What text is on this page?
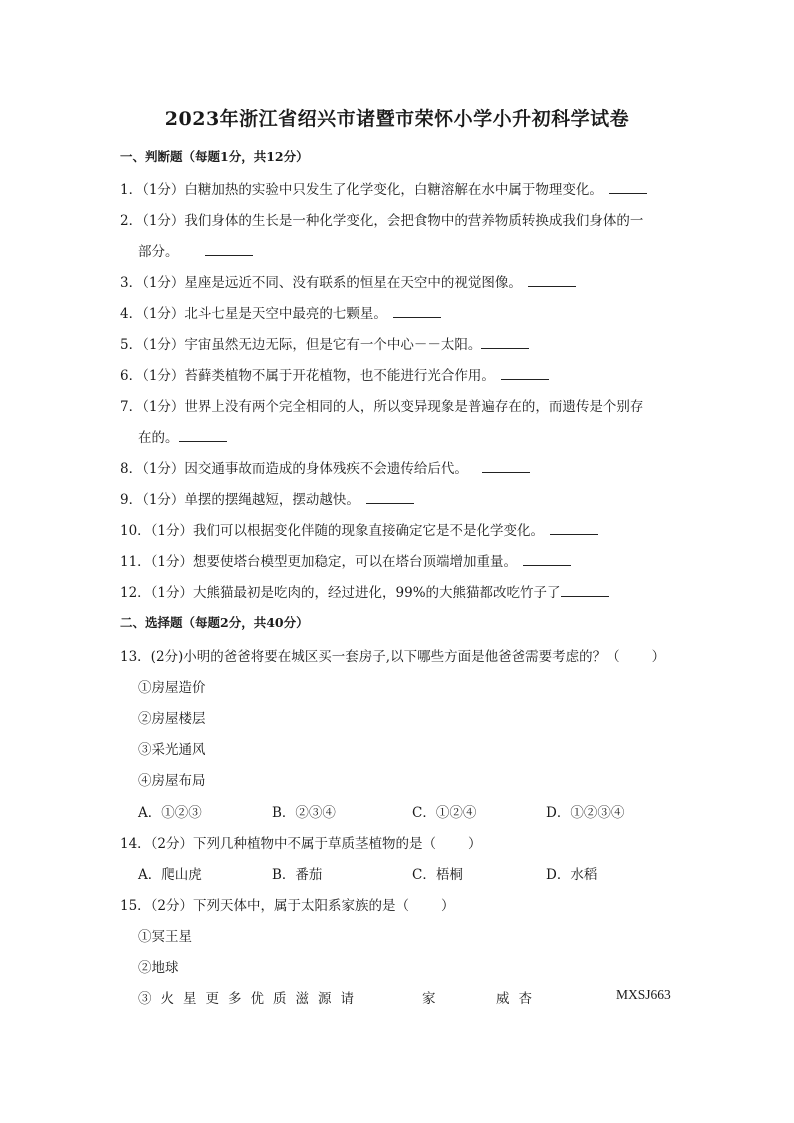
2023年浙江省绍兴市诸暨市荣怀小学小升初科学试卷
一、判断题（每题1分，共12分）
1．（1分）白糖加热的实验中只发生了化学变化，白糖溶解在水中属于物理变化。
2．（1分）我们身体的生长是一种化学变化，会把食物中的营养物质转换成我们身体的一
部分。
3．（1分）星座是远近不同、没有联系的恒星在天空中的视觉图像。
4．（1分）北斗七星是天空中最亮的七颗星。
5．（1分）宇宙虽然无边无际，但是它有一个中心－－太阳。
6．（1分）苔藓类植物不属于开花植物，也不能进行光合作用。
7．（1分）世界上没有两个完全相同的人，所以变异现象是普遍存在的，而遗传是个别存
在的。
8．（1分）因交通事故而造成的身体残疾不会遗传给后代。
9．（1分）单摆的摆绳越短，摆动越快。
10．（1分）我们可以根据变化伴随的现象直接确定它是不是化学变化。
11．（1分）想要使塔台模型更加稳定，可以在塔台顶端增加重量。
12．（1分）大熊猫最初是吃肉的，经过进化，99%的大熊猫都改吃竹子了
二、选择题（每题2分，共40分）
13．(2分)小明的爸爸将要在城区买一套房子,以下哪些方面是他爸爸需要考虑的？（ ）
①房屋造价
②房屋楼层
③采光通风
④房屋布局
A．①②③	B．②③④	C．①②④	D．①②③④
14．（2分）下列几种植物中不属于草质茎植物的是（ ）
A．爬山虎	B．番茄	C．梧桐	D．水稻
15．（2分）下列天体中，属于太阳系家族的是（ ）
①冥王星
②地球
③火星更多优质滋源请	家	威杏	MXSJ663
